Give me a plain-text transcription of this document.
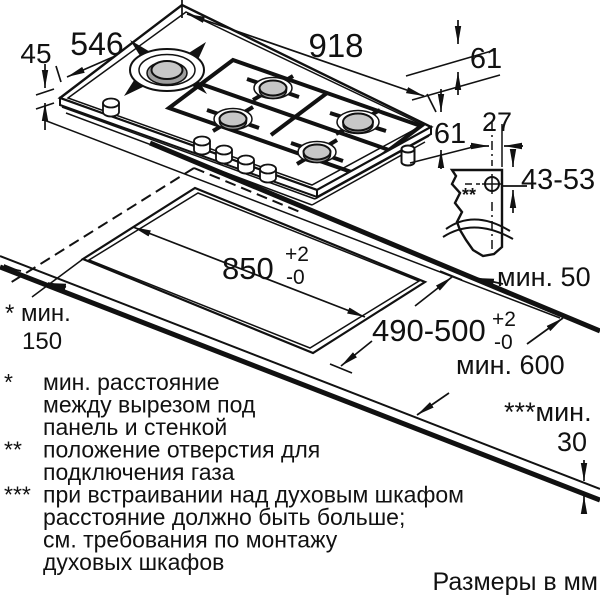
45 546	918	61
61
**
27
43-53
850 +2
-0
490-500 +2
-0
мин. 50
* мин.
150
мин. 600
***мин.
30
* мин. расстояние
между вырезом под
панель и стенкой
** положение отверстия для
подключения газа
*** при встраивании над духовым шкафом
расстояние должно быть больше;
см. требования по монтажу
духовых шкафов
Размеры в мм
